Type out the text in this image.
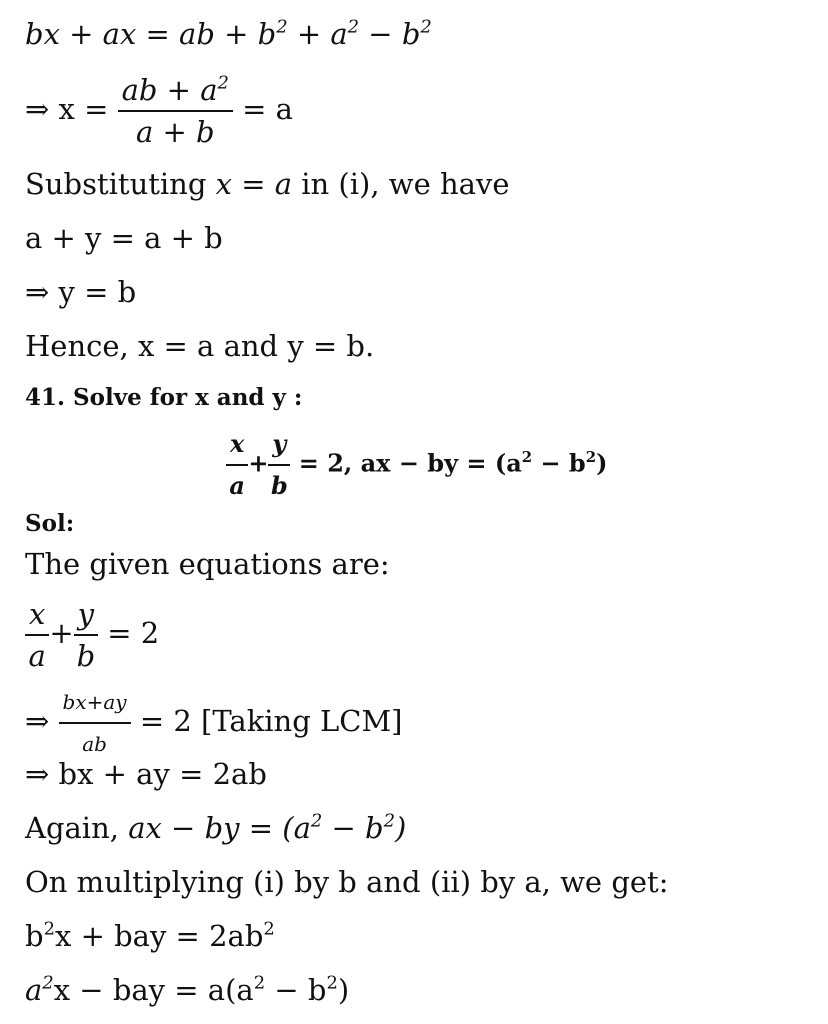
bx + ax = ab + $b^2 + a^2 - b^2$
⇒ $x = \frac{ab + a^2}{a + b} = a$
Substituting x = a in (i), we have
a + y = a + b
⇒ y = b
Hence, x = a and y = b.
41. Solve for x and y :
$\frac{x}{a} + \frac{y}{b} = 2$, ax − by = $(a^2 - b^2)$
Sol:
The given equations are:
$\frac{x}{a} + \frac{y}{b} = 2$
⇒ $\frac{bx+ay}{ab} = 2$ [Taking LCM]
⇒ bx + ay = 2ab
Again, ax − by = $(a^2 - b^2)$
On multiplying (i) by b and (ii) by a, we get:
$b^2x$ + bay = $2ab^2$
$a^2x$ − bay = $a(a^2 - b^2)$
